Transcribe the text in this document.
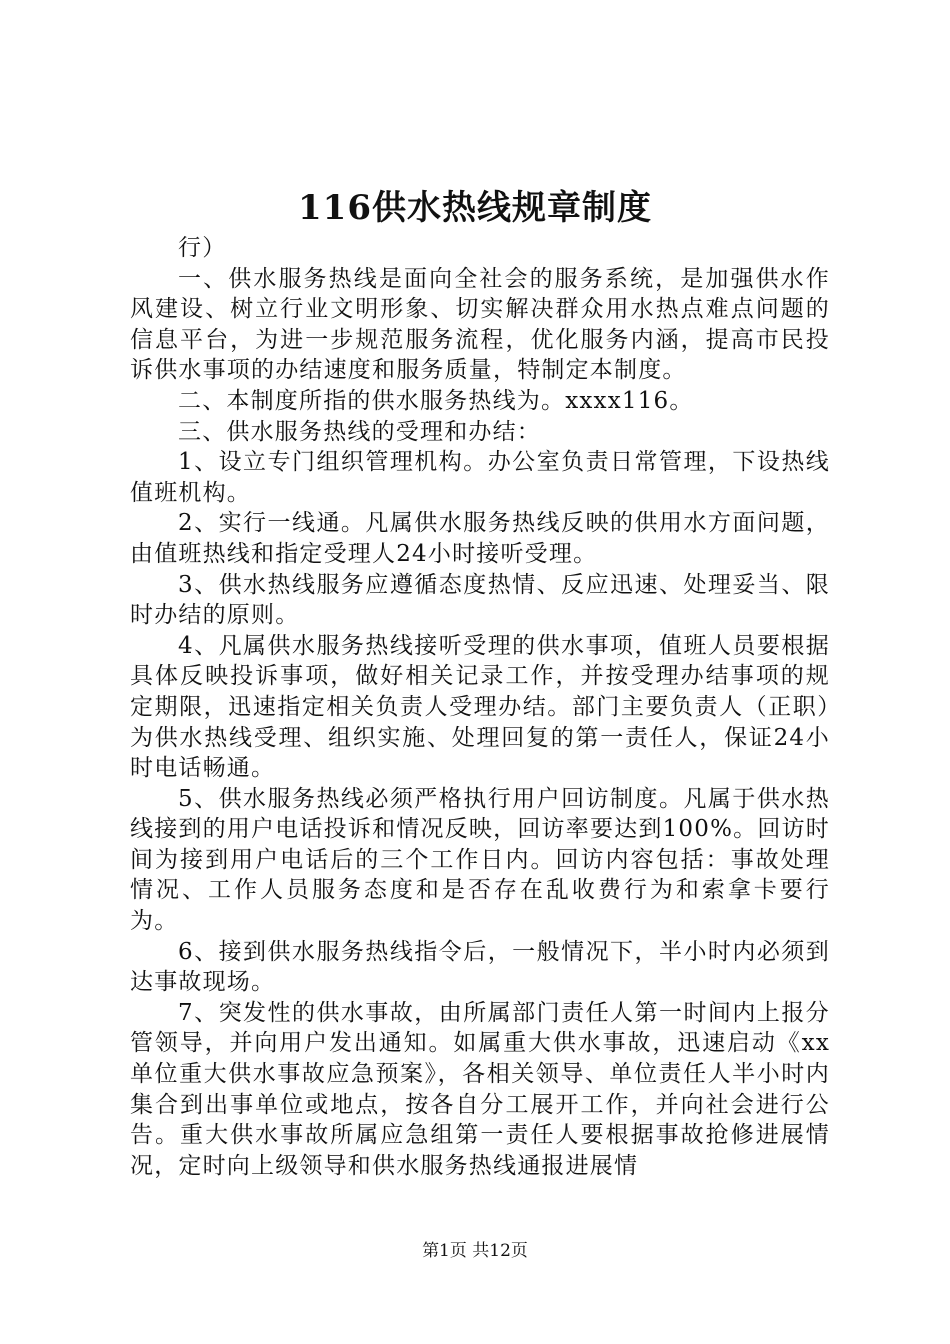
116供水热线规章制度

行）

一、供水服务热线是面向全社会的服务系统，是加强供水作风建设、树立行业文明形象、切实解决群众用水热点难点问题的信息平台，为进一步规范服务流程，优化服务内涵，提高市民投诉供水事项的办结速度和服务质量，特制定本制度。

二、本制度所指的供水服务热线为。xxxx116。

三、供水服务热线的受理和办结：

1、设立专门组织管理机构。办公室负责日常管理，下设热线值班机构。

2、实行一线通。凡属供水服务热线反映的供用水方面问题，由值班热线和指定受理人24小时接听受理。

3、供水热线服务应遵循态度热情、反应迅速、处理妥当、限时办结的原则。

4、凡属供水服务热线接听受理的供水事项，值班人员要根据具体反映投诉事项，做好相关记录工作，并按受理办结事项的规定期限，迅速指定相关负责人受理办结。部门主要负责人（正职）为供水热线受理、组织实施、处理回复的第一责任人，保证24小时电话畅通。

5、供水服务热线必须严格执行用户回访制度。凡属于供水热线接到的用户电话投诉和情况反映，回访率要达到100%。回访时间为接到用户电话后的三个工作日内。回访内容包括：事故处理情况、工作人员服务态度和是否存在乱收费行为和索拿卡要行为。

6、接到供水服务热线指令后，一般情况下，半小时内必须到达事故现场。

7、突发性的供水事故，由所属部门责任人第一时间内上报分管领导，并向用户发出通知。如属重大供水事故，迅速启动《xx单位重大供水事故应急预案》，各相关领导、单位责任人半小时内集合到出事单位或地点，按各自分工展开工作，并向社会进行公告。重大供水事故所属应急组第一责任人要根据事故抢修进展情况，定时向上级领导和供水服务热线通报进展情

第1页 共12页
